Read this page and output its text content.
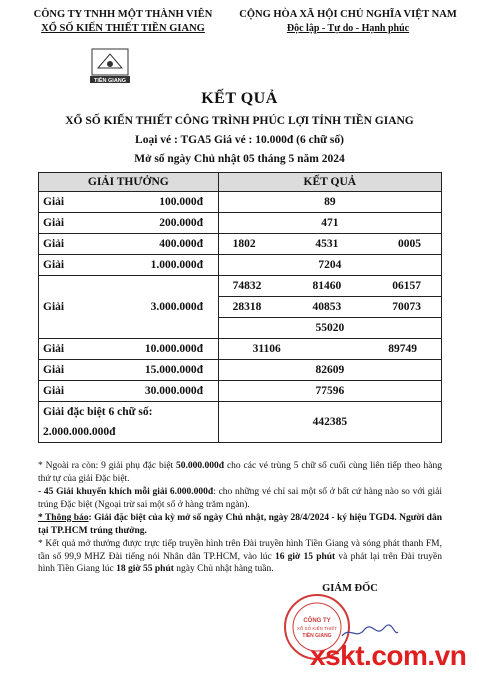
CÔNG TY TNHH MỘT THÀNH VIÊN
XỔ SỐ KIẾN THIẾT TIỀN GIANG
CỘNG HÒA XÃ HỘI CHỦ NGHĨA VIỆT NAM
Độc lập - Tự do - Hạnh phúc
TIỀN GIANG
KẾT QUẢ
XỔ SỐ KIẾN THIẾT CÔNG TRÌNH PHÚC LỢI TỈNH TIỀN GIANG
Loại vé : TGA5 Giá vé : 10.000đ (6 chữ số)
Mở số ngày Chủ nhật 05 tháng 5 năm 2024
GIẢI THƯỞNG	KẾT QUẢ
Giải 100.000đ	89
Giải 200.000đ	471
Giải 400.000đ	1802 4531 0005

Giải 1.000.000đ	7204
Giải 3.000.000đ	74832 81460 06157

	28318 40853 70073

	55020
Giải 10.000.000đ	31106 89749

Giải 15.000.000đ	82609
Giải 30.000.000đ	77596

Giải đặc biệt 6 chữ số:
2.000.000.000đ	442385

* Ngoài ra còn: 9 giải phụ đặc biệt 50.000.000đ cho các vé trùng 5 chữ số cuối cùng liên tiếp theo hàng thứ tự của giải Đặc biệt.

- 45 Giải khuyến khích mỗi giải 6.000.000đ: cho những vé chỉ sai một số ở bất cứ hàng nào so với giải trúng Đặc biệt (Ngoại trừ sai một số ở hàng trăm ngàn).

* Thông báo: Giải đặc biệt của kỳ mở số ngày Chủ nhật, ngày 28/4/2024 - ký hiệu TGD4. Người dân tại TP.HCM trúng thưởng.

* Kết quả mở thưởng được trực tiếp truyền hình trên Đài truyền hình Tiền Giang và sóng phát thanh FM, tần số 99,9 MHZ Đài tiếng nói Nhân dân TP.HCM, vào lúc 16 giờ 15 phút và phát lại trên Đài truyền hình Tiền Giang lúc 18 giờ 55 phút ngày Chủ nhật hàng tuần.

GIÁM ĐỐC
CÔNG TY
XỔ SỐ KIẾN THIẾT
TIỀN GIANG
xskt.com.vn
